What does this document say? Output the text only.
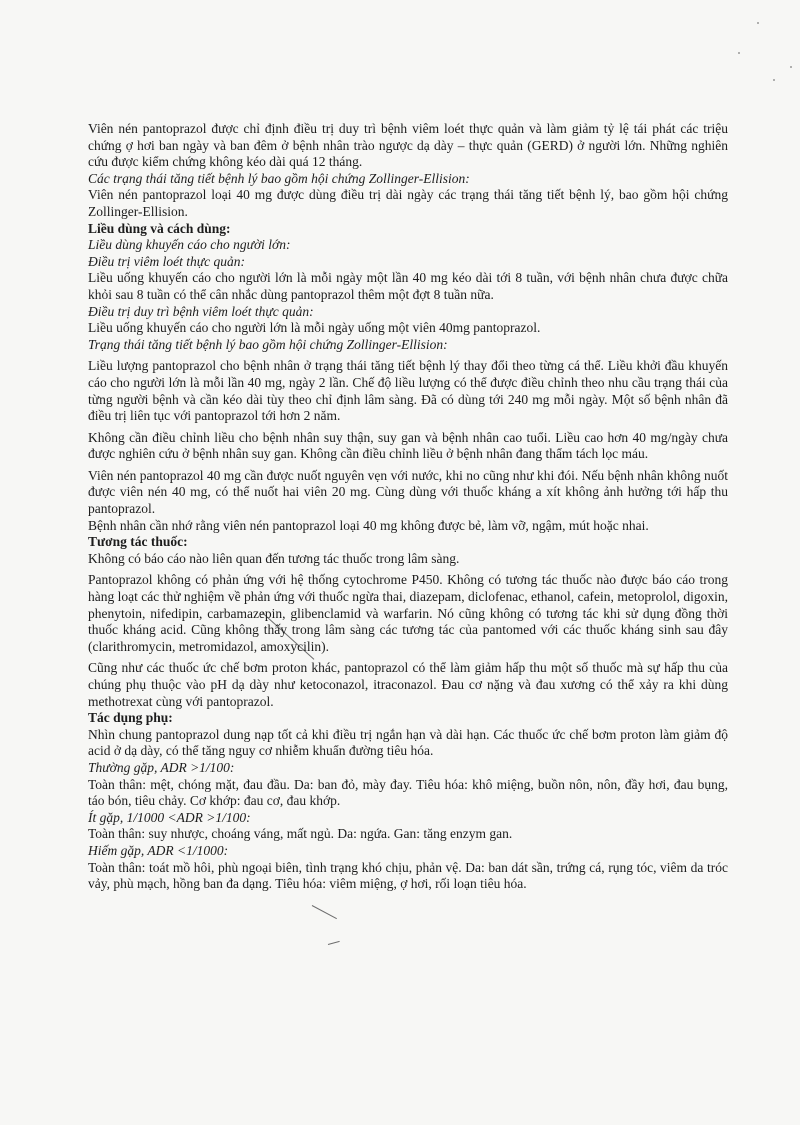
Viên nén pantoprazol được chỉ định điều trị duy trì bệnh viêm loét thực quản và làm giảm tỷ lệ tái phát các triệu chứng ợ hơi ban ngày và ban đêm ở bệnh nhân trào ngược dạ dày – thực quản (GERD) ở người lớn. Những nghiên cứu được kiểm chứng không kéo dài quá 12 tháng.

Các trạng thái tăng tiết bệnh lý bao gồm hội chứng Zollinger-Ellision:

Viên nén pantoprazol loại 40 mg được dùng điều trị dài ngày các trạng thái tăng tiết bệnh lý, bao gồm hội chứng Zollinger-Ellision.

Liều dùng và cách dùng:

Liều dùng khuyến cáo cho người lớn:

Điều trị viêm loét thực quản:

Liều uống khuyến cáo cho người lớn là mỗi ngày một lần 40 mg kéo dài tới 8 tuần, với bệnh nhân chưa được chữa khỏi sau 8 tuần có thể cân nhắc dùng pantoprazol thêm một đợt 8 tuần nữa.

Điều trị duy trì bệnh viêm loét thực quản:

Liều uống khuyến cáo cho người lớn là mỗi ngày uống một viên 40mg pantoprazol.

Trạng thái tăng tiết bệnh lý bao gồm hội chứng Zollinger-Ellision:

Liều lượng pantoprazol cho bệnh nhân ở trạng thái tăng tiết bệnh lý thay đổi theo từng cá thể. Liều khởi đầu khuyến cáo cho người lớn là mỗi lần 40 mg, ngày 2 lần. Chế độ liều lượng có thể được điều chỉnh theo nhu cầu trạng thái của từng người bệnh và cần kéo dài tùy theo chỉ định lâm sàng. Đã có dùng tới 240 mg mỗi ngày. Một số bệnh nhân đã điều trị liên tục với pantoprazol tới hơn 2 năm.

Không cần điều chỉnh liều cho bệnh nhân suy thận, suy gan và bệnh nhân cao tuổi. Liều cao hơn 40 mg/ngày chưa được nghiên cứu ở bệnh nhân suy gan. Không cần điều chỉnh liều ở bệnh nhân đang thẩm tách lọc máu.

Viên nén pantoprazol 40 mg cần được nuốt nguyên vẹn với nước, khi no cũng như khi đói. Nếu bệnh nhân không nuốt được viên nén 40 mg, có thể nuốt hai viên 20 mg. Cùng dùng với thuốc kháng a xít không ảnh hưởng tới hấp thu pantoprazol.

Bệnh nhân cần nhớ rằng viên nén pantoprazol loại 40 mg không được bẻ, làm vỡ, ngậm, mút hoặc nhai.

Tương tác thuốc:

Không có báo cáo nào liên quan đến tương tác thuốc trong lâm sàng.

Pantoprazol không có phản ứng với hệ thống cytochrome P450. Không có tương tác thuốc nào được báo cáo trong hàng loạt các thử nghiệm về phản ứng với thuốc ngừa thai, diazepam, diclofenac, ethanol, cafein, metoprolol, digoxin, phenytoin, nifedipin, carbamazepin, glibenclamid và warfarin. Nó cũng không có tương tác khi sử dụng đồng thời thuốc kháng acid. Cũng không thấy trong lâm sàng các tương tác của pantomed với các thuốc kháng sinh sau đây (clarithromycin, metromidazol, amoxycilin).

Cũng như các thuốc ức chế bơm proton khác, pantoprazol có thể làm giảm hấp thu một số thuốc mà sự hấp thu của chúng phụ thuộc vào pH dạ dày như ketoconazol, itraconazol. Đau cơ nặng và đau xương có thể xảy ra khi dùng methotrexat cùng với pantoprazol.

Tác dụng phụ:

Nhìn chung pantoprazol dung nạp tốt cả khi điều trị ngắn hạn và dài hạn. Các thuốc ức chế bơm proton làm giảm độ acid ở dạ dày, có thể tăng nguy cơ nhiễm khuẩn đường tiêu hóa.

Thường gặp, ADR >1/100:

Toàn thân: mệt, chóng mặt, đau đầu. Da: ban đỏ, mày đay. Tiêu hóa: khô miệng, buồn nôn, nôn, đầy hơi, đau bụng, táo bón, tiêu chảy. Cơ khớp: đau cơ, đau khớp.

Ít gặp, 1/1000 <ADR >1/100:

Toàn thân: suy nhược, choáng váng, mất ngủ. Da: ngứa. Gan: tăng enzym gan.

Hiếm gặp, ADR <1/1000:

Toàn thân: toát mồ hôi, phù ngoại biên, tình trạng khó chịu, phản vệ. Da: ban dát sần, trứng cá, rụng tóc, viêm da tróc vảy, phù mạch, hồng ban đa dạng. Tiêu hóa: viêm miệng, ợ hơi, rối loạn tiêu hóa.
